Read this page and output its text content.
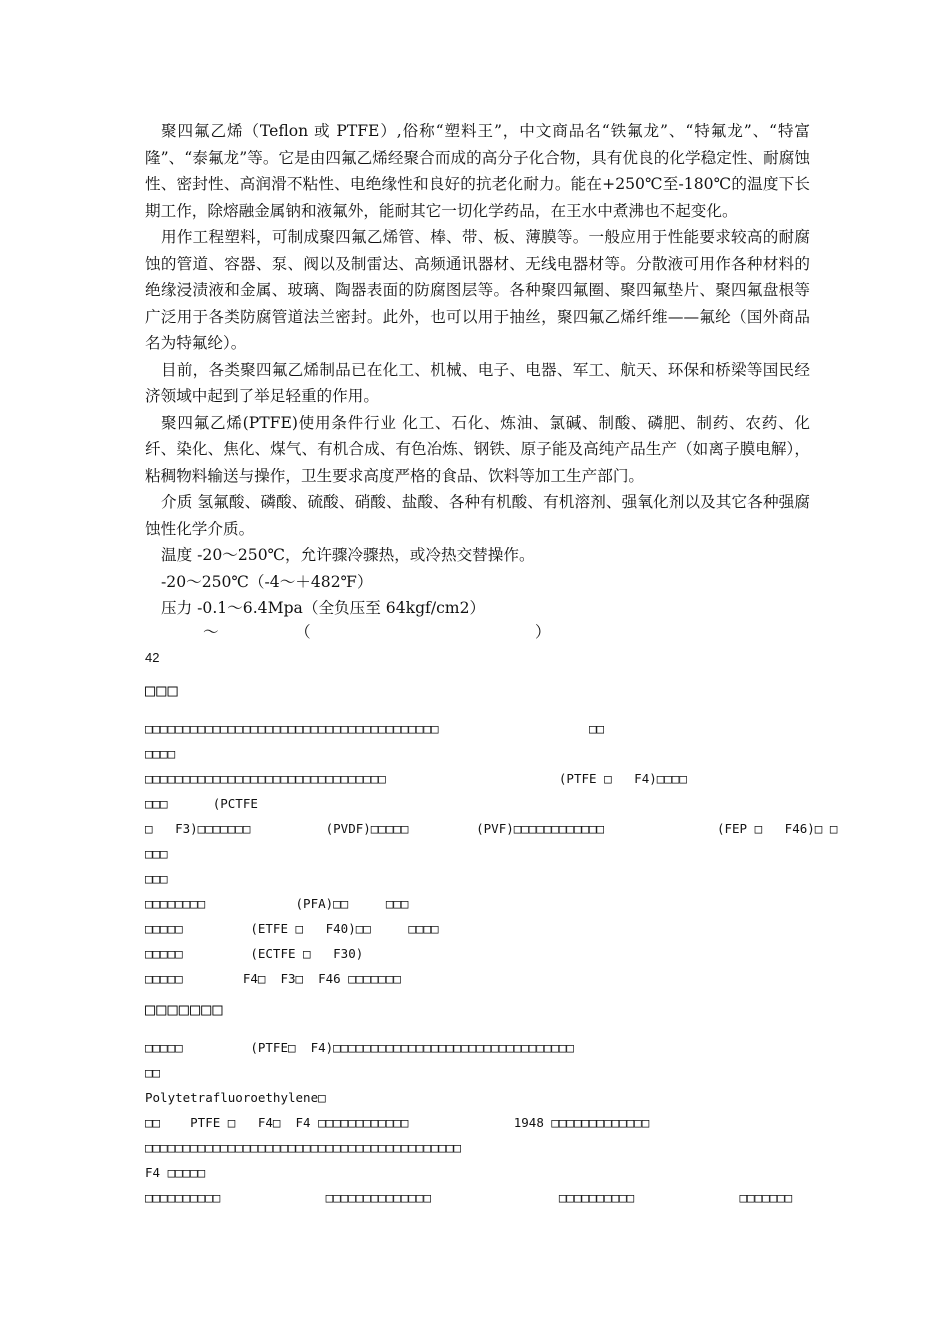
聚四氟乙烯（Teflon 或 PTFE）,俗称“塑料王”，中文商品名“铁氟龙”、“特氟龙”、“特富隆”、“泰氟龙”等。它是由四氟乙烯经聚合而成的高分子化合物，具有优良的化学稳定性、耐腐蚀性、密封性、高润滑不粘性、电绝缘性和良好的抗老化耐力。能在+250℃至-180℃的温度下长期工作，除熔融金属钠和液氟外，能耐其它一切化学药品，在王水中煮沸也不起变化。

用作工程塑料，可制成聚四氟乙烯管、棒、带、板、薄膜等。一般应用于性能要求较高的耐腐蚀的管道、容器、泵、阀以及制雷达、高频通讯器材、无线电器材等。分散液可用作各种材料的绝缘浸渍液和金属、玻璃、陶器表面的防腐图层等。各种聚四氟圈、聚四氟垫片、聚四氟盘根等广泛用于各类防腐管道法兰密封。此外，也可以用于抽丝，聚四氟乙烯纤维——氟纶（国外商品名为特氟纶）。

目前，各类聚四氟乙烯制品已在化工、机械、电子、电器、军工、航天、环保和桥梁等国民经济领域中起到了举足轻重的作用。

聚四氟乙烯(PTFE)使用条件行业 化工、石化、炼油、氯碱、制酸、磷肥、制药、农药、化纤、染化、焦化、煤气、有机合成、有色冶炼、钢铁、原子能及高纯产品生产（如离子膜电解），粘稠物料输送与操作，卫生要求高度严格的食品、饮料等加工生产部门。

介质 氢氟酸、磷酸、硫酸、硝酸、盐酸、各种有机酸、有机溶剂、强氧化剂以及其它各种强腐蚀性化学介质。

温度 -20～250℃，允许骤冷骤热，或冷热交替操作。

-20～250℃（-4～＋482℉）

压力 -0.1～6.4Mpa（全负压至 64kgf/cm2）

～	（	）
42
□□□
□□□□□□□□□□□□□□□□□□□□□□□□□□□□□□□□□□□□□□□                    □□
□□□□
□□□□□□□□□□□□□□□□□□□□□□□□□□□□□□□□                       (PTFE □   F4)□□□□
□□□      (PCTFE
□   F3)□□□□□□□          (PVDF)□□□□□         (PVF)□□□□□□□□□□□□               (FEP □   F46)□ □
□□□
□□□
□□□□□□□□            (PFA)□□     □□□
□□□□□         (ETFE □   F40)□□     □□□□
□□□□□         (ECTFE □   F30)
□□□□□        F4□  F3□  F46 □□□□□□□
□□□□□□□
□□□□□         (PTFE□  F4)□□□□□□□□□□□□□□□□□□□□□□□□□□□□□□□□
□□
Polytetrafluoroethylene□
□□    PTFE □   F4□  F4 □□□□□□□□□□□□              1948 □□□□□□□□□□□□□
□□□□□□□□□□□□□□□□□□□□□□□□□□□□□□□□□□□□□□□□□□
F4 □□□□□
□□□□□□□□□□              □□□□□□□□□□□□□□                 □□□□□□□□□□              □□□□□□□
